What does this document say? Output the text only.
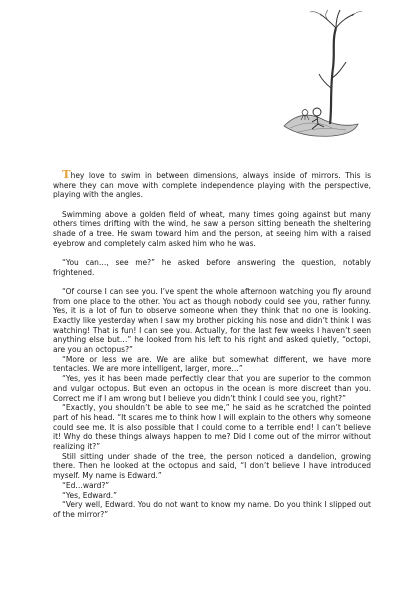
They love to swim in between dimensions, always inside of mirrors. This is where they can move with complete independence playing with the perspective, playing with the angles.

Swimming above a golden field of wheat, many times going against but many others times drifting with the wind, he saw a person sitting beneath the sheltering shade of a tree. He swam toward him and the person, at seeing him with a raised eyebrow and completely calm asked him who he was.

“You can…, see me?” he asked before answering the question, notably frightened.

“Of course I can see you. I’ve spent the whole afternoon watching you fly around from one place to the other. You act as though nobody could see you, rather funny. Yes, it is a lot of fun to observe someone when they think that no one is looking. Exactly like yesterday when I saw my brother picking his nose and didn’t think I was watching! That is fun! I can see you. Actually, for the last few weeks I haven’t seen anything else but…” he looked from his left to his right and asked quietly, “octopi, are you an octopus?”

“More or less we are. We are alike but somewhat different, we have more tentacles. We are more intelligent, larger, more…”

“Yes, yes it has been made perfectly clear that you are superior to the common and vulgar octopus. But even an octopus in the ocean is more discreet than you. Correct me if I am wrong but I believe you didn’t think I could see you, right?”

“Exactly, you shouldn’t be able to see me,” he said as he scratched the pointed part of his head. “It scares me to think how I will explain to the others why someone could see me. It is also possible that I could come to a terrible end! I can’t believe it! Why do these things always happen to me? Did I come out of the mirror without realizing it?”

Still sitting under shade of the tree, the person noticed a dandelion, growing there. Then he looked at the octopus and said, “I don’t believe I have introduced myself. My name is Edward.”

“Ed…ward?”

“Yes, Edward.”

“Very well, Edward. You do not want to know my name. Do you think I slipped out of the mirror?”
